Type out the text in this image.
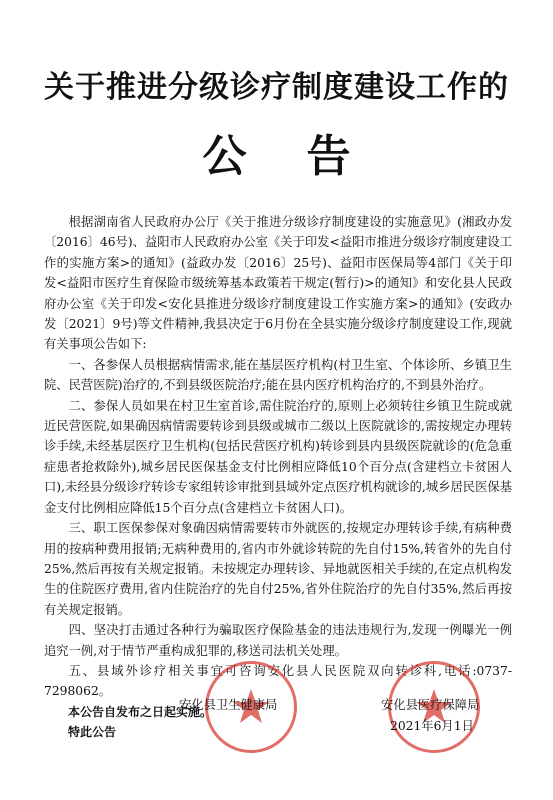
关于推进分级诊疗制度建设工作的
公告

根据湖南省人民政府办公厅《关于推进分级诊疗制度建设的实施意见》(湘政办发〔2016〕46号)、益阳市人民政府办公室《关于印发<益阳市推进分级诊疗制度建设工作的实施方案>的通知》(益政办发〔2016〕25号)、益阳市医保局等4部门《关于印发<益阳市医疗生育保险市级统筹基本政策若干规定(暂行)>的通知》和安化县人民政府办公室《关于印发<安化县推进分级诊疗制度建设工作实施方案>的通知》(安政办发〔2021〕9号)等文件精神,我县决定于6月份在全县实施分级诊疗制度建设工作,现就有关事项公告如下:

一、各参保人员根据病情需求,能在基层医疗机构(村卫生室、个体诊所、乡镇卫生院、民营医院)治疗的,不到县级医院治疗;能在县内医疗机构治疗的,不到县外治疗。

二、参保人员如果在村卫生室首诊,需住院治疗的,原则上必须转往乡镇卫生院或就近民营医院,如果确因病情需要转诊到县级或城市二级以上医院就诊的,需按规定办理转诊手续,未经基层医疗卫生机构(包括民营医疗机构)转诊到县内县级医院就诊的(危急重症患者抢救除外),城乡居民医保基金支付比例相应降低10个百分点(含建档立卡贫困人口),未经县分级诊疗转诊专家组转诊审批到县域外定点医疗机构就诊的,城乡居民医保基金支付比例相应降低15个百分点(含建档立卡贫困人口)。

三、职工医保参保对象确因病情需要转市外就医的,按规定办理转诊手续,有病种费用的按病种费用报销;无病种费用的,省内市外就诊转院的先自付15%,转省外的先自付25%,然后再按有关规定报销。未按规定办理转诊、异地就医相关手续的,在定点机构发生的住院医疗费用,省内住院治疗的先自付25%,省外住院治疗的先自付35%,然后再按有关规定报销。

四、坚决打击通过各种行为骗取医疗保险基金的违法违规行为,发现一例曝光一例追究一例,对于情节严重构成犯罪的,移送司法机关处理。

五、县域外诊疗相关事宜可咨询安化县人民医院双向转诊科,电话:0737-7298062。

本公告自发布之日起实施。

特此公告

安化县卫生健康局	安化县医疗保障局
2021年6月1日
